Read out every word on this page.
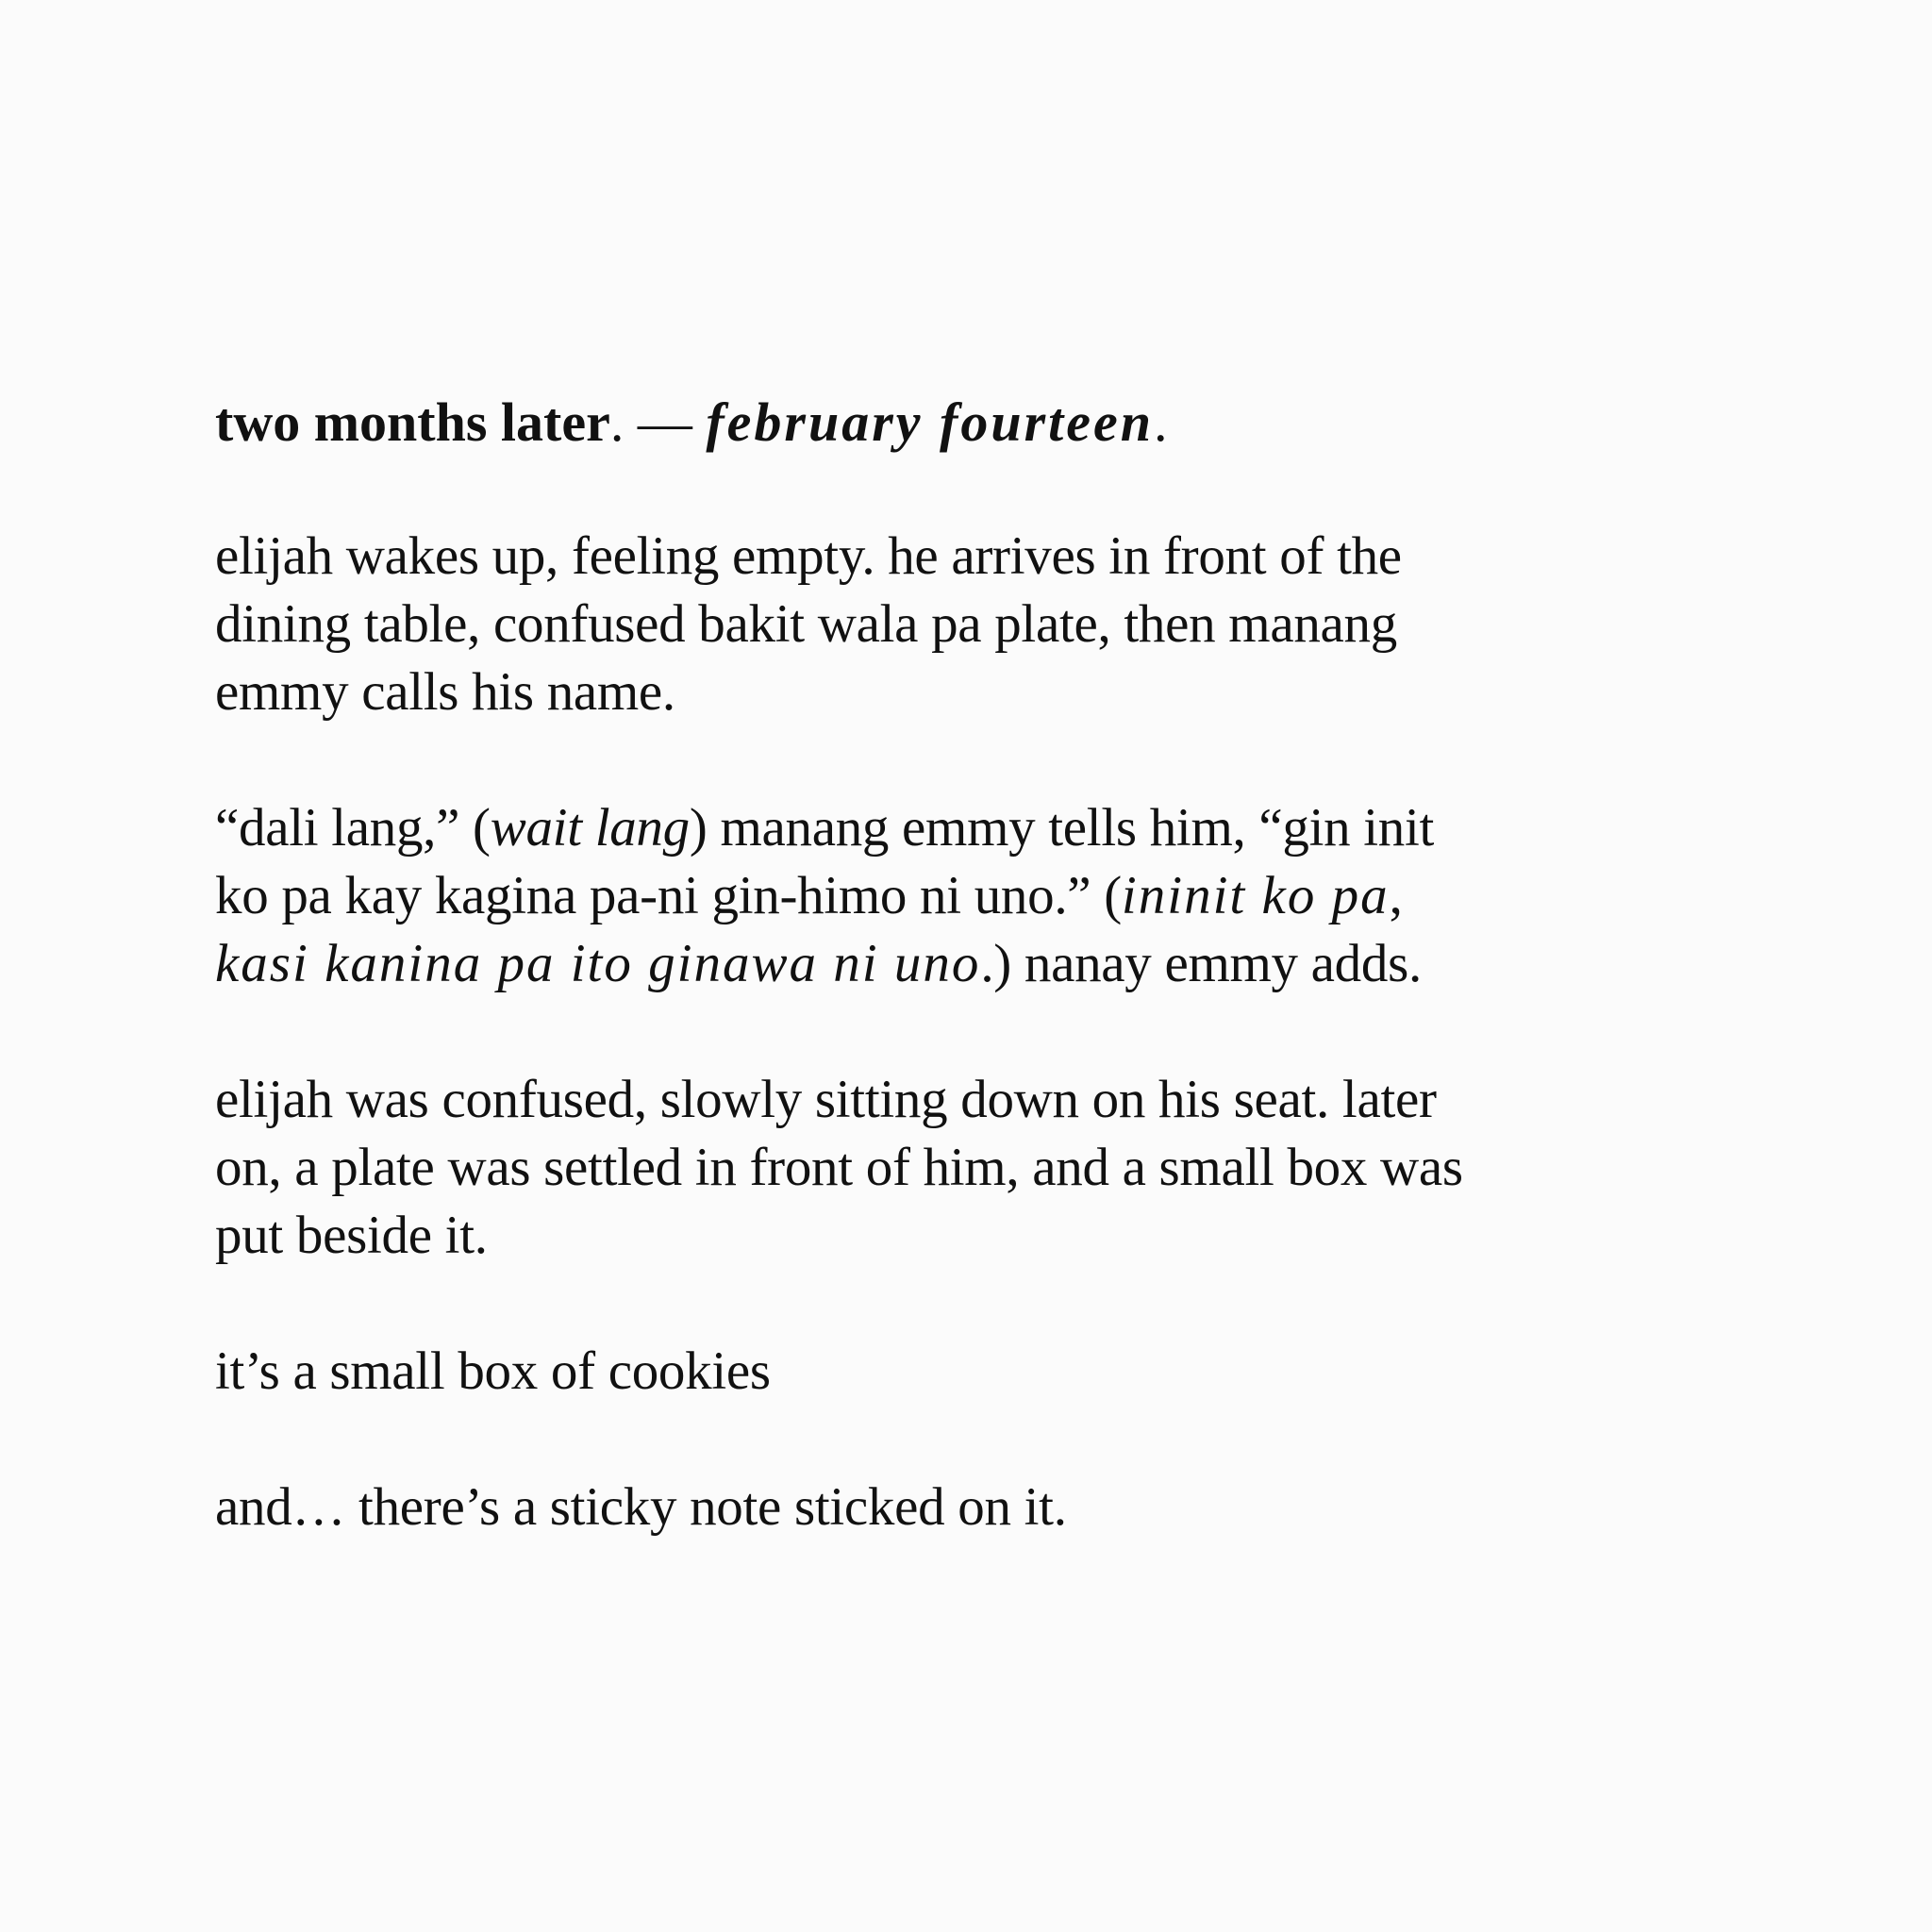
two months later. — february fourteen.
elijah wakes up, feeling empty. he arrives in front of the
dining table, confused bakit wala pa plate, then manang
emmy calls his name.
“dali lang,” (wait lang) manang emmy tells him, “gin init
ko pa kay kagina pa-ni gin-himo ni uno.” (ininit ko pa,
kasi kanina pa ito ginawa ni uno.) nanay emmy adds.
elijah was confused, slowly sitting down on his seat. later
on, a plate was settled in front of him, and a small box was
put beside it.
it’s a small box of cookies
and… there’s a sticky note sticked on it.
